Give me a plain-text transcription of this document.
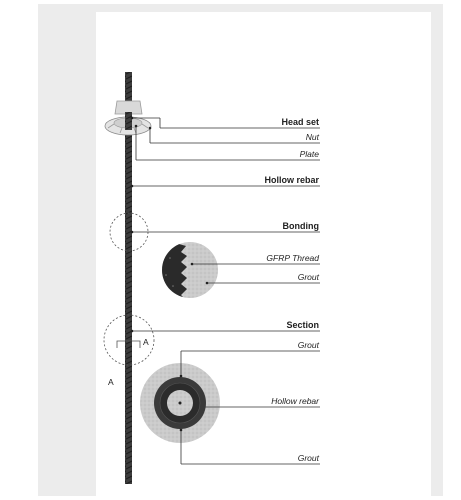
Head set
Nut
Plate
Hollow rebar
Bonding
GFRP Thread
Grout
Section
Grout
Hollow rebar
Grout
A
A
